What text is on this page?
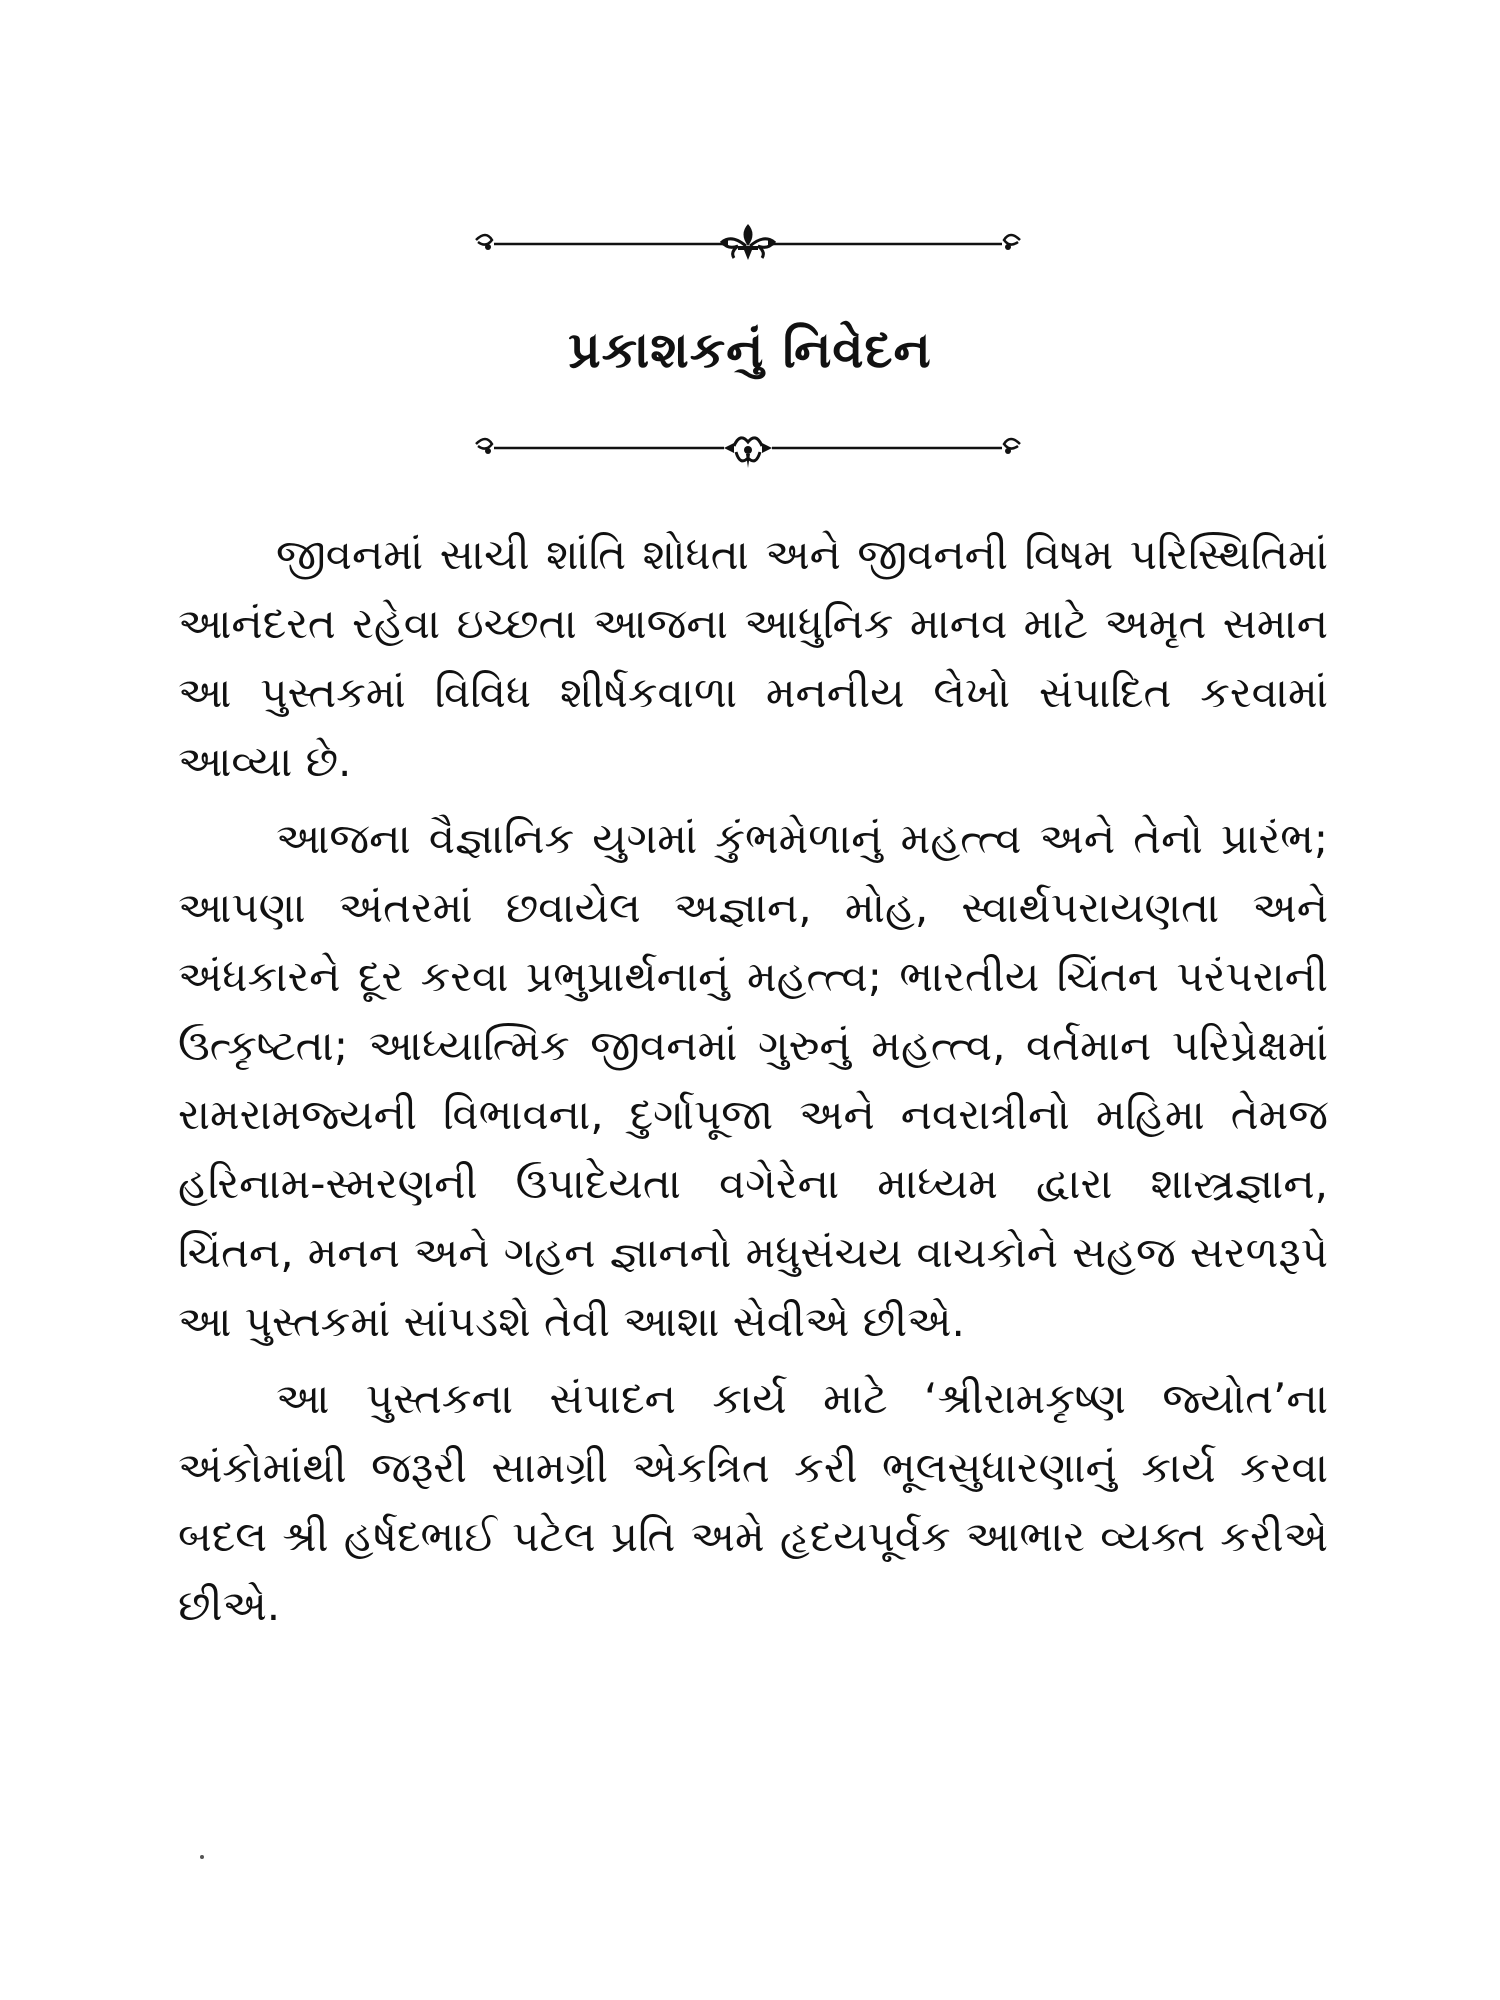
પ્રકાશકનું નિવેદન

જીવનમાં સાચી શાંતિ શોધતા અને જીવનની વિષમ પરિસ્થિતિમાં આનંદરત રહેવા ઇચ્છતા આજના આધુનિક માનવ માટે અમૃત સમાન આ પુસ્તકમાં વિવિધ શીર્ષકવાળા મનનીય લેખો સંપાદિત કરવામાં આવ્યા છે.

આજના વૈજ્ઞાનિક યુગમાં કુંભમેળાનું મહત્ત્વ અને તેનો પ્રારંભ; આપણા અંતરમાં છવાયેલ અજ્ઞાન, મોહ, સ્વાર્થપરાયણતા અને અંધકારને દૂર કરવા પ્રભુપ્રાર્થનાનું મહત્ત્વ; ભારતીય ચિંતન પરંપરાની ઉત્કૃષ્ટતા; આધ્યાત્મિક જીવનમાં ગુરુનું મહત્ત્વ, વર્તમાન પરિપ્રેક્ષમાં રામરામજ્યની વિભાવના, દુર્ગાપૂજા અને નવરાત્રીનો મહિમા તેમજ હરિનામ-સ્મરણની ઉપાદેયતા વગેરેના માધ્યમ દ્વારા શાસ્ત્રજ્ઞાન, ચિંતન, મનન અને ગહન જ્ઞાનનો મધુસંચય વાચકોને સહજ સરળરૂપે આ પુસ્તકમાં સાંપડશે તેવી આશા સેવીએ છીએ.

આ પુસ્તકના સંપાદન કાર્ય માટે ‘શ્રીરામકૃષ્ણ જ્યોત’ના અંકોમાંથી જરૂરી સામગ્રી એકત્રિત કરી ભૂલસુધારણાનું કાર્ય કરવા બદલ શ્રી હર્ષદભાઈ પટેલ પ્રતિ અમે હૃદયપૂર્વક આભાર વ્યક્ત કરીએ છીએ.
